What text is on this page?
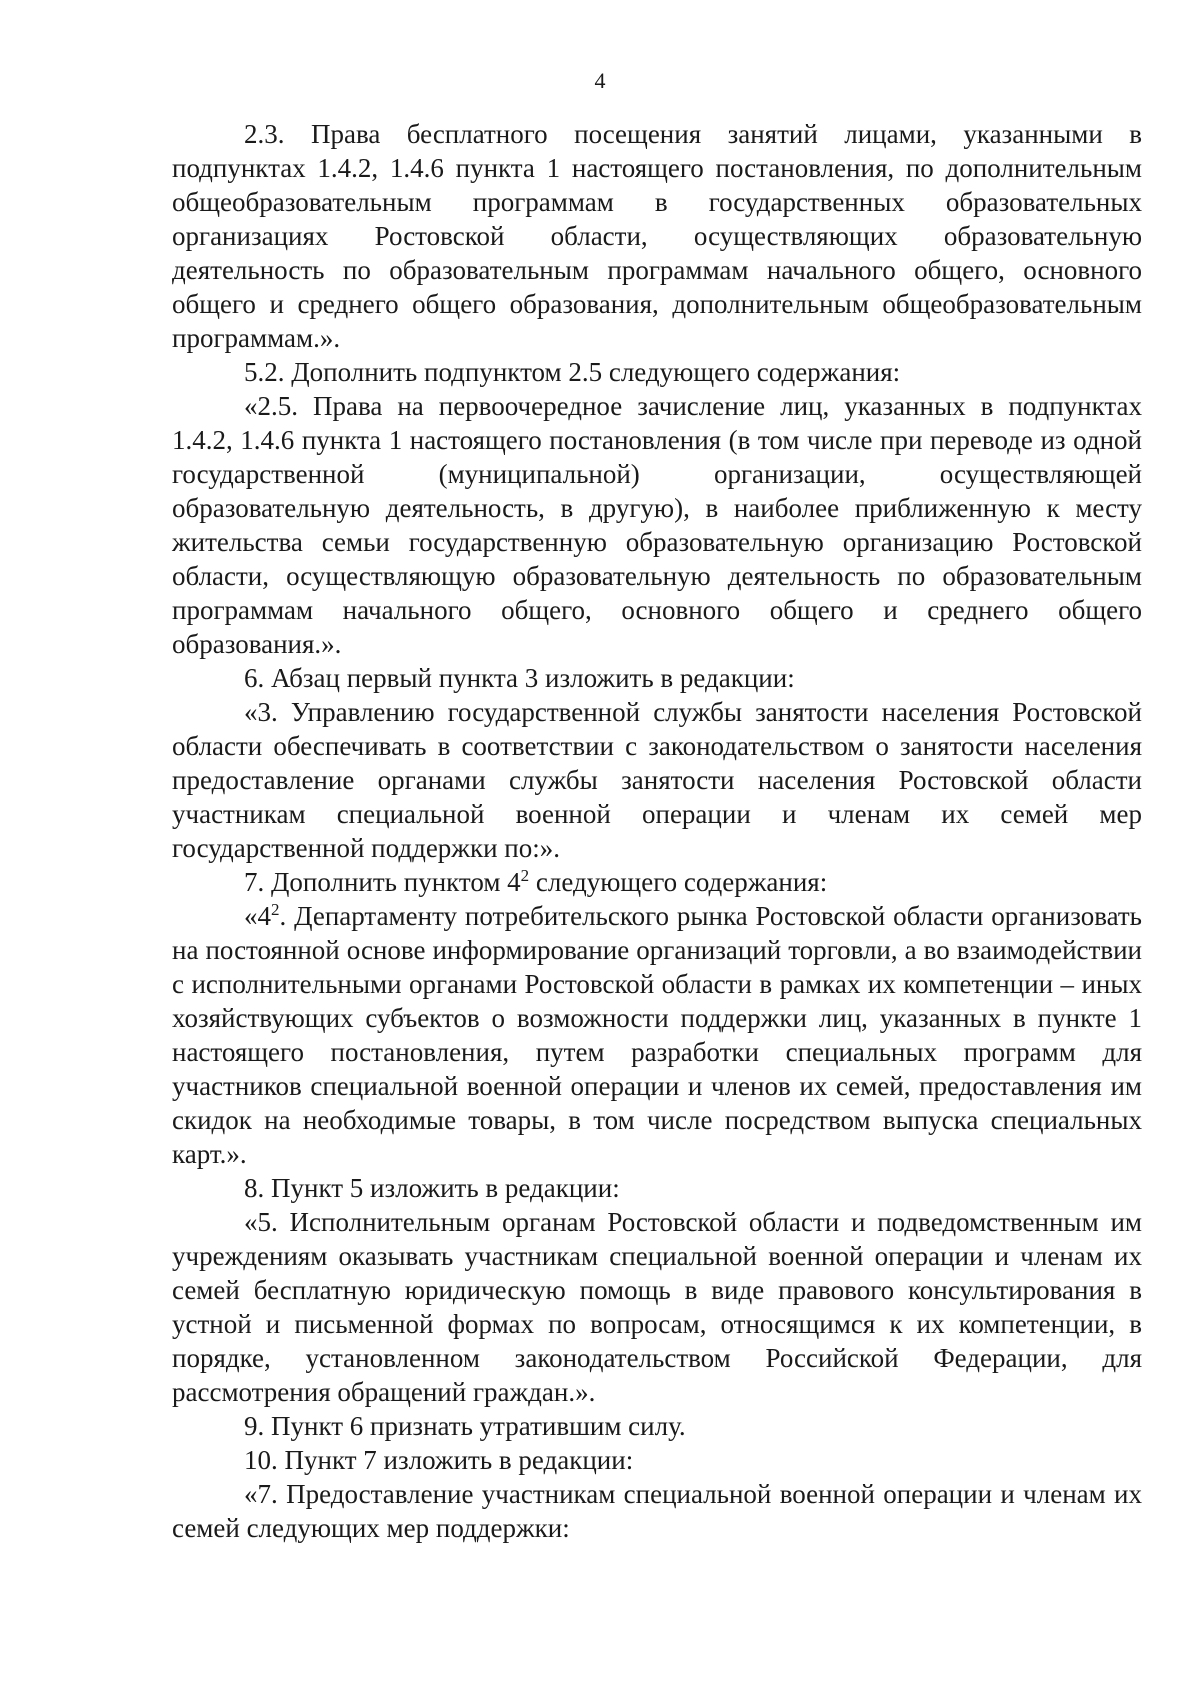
4

2.3. Права бесплатного посещения занятий лицами, указанными в подпунктах 1.4.2, 1.4.6 пункта 1 настоящего постановления, по дополнительным общеобразовательным программам в государственных образовательных организациях Ростовской области, осуществляющих образовательную деятельность по образовательным программам начального общего, основного общего и среднего общего образования, дополнительным общеобразовательным программам.».

5.2. Дополнить подпунктом 2.5 следующего содержания:

«2.5. Права на первоочередное зачисление лиц, указанных в подпунктах 1.4.2, 1.4.6 пункта 1 настоящего постановления (в том числе при переводе из одной государственной (муниципальной) организации, осуществляющей образовательную деятельность, в другую), в наиболее приближенную к месту жительства семьи государственную образовательную организацию Ростовской области, осуществляющую образовательную деятельность по образовательным программам начального общего, основного общего и среднего общего образования.».

6. Абзац первый пункта 3 изложить в редакции:

«3. Управлению государственной службы занятости населения Ростовской области обеспечивать в соответствии с законодательством о занятости населения предоставление органами службы занятости населения Ростовской области участникам специальной военной операции и членам их семей мер государственной поддержки по:».

7. Дополнить пунктом $4^2$ следующего содержания:

«$4^2$. Департаменту потребительского рынка Ростовской области организовать на постоянной основе информирование организаций торговли, а во взаимодействии с исполнительными органами Ростовской области в рамках их компетенции – иных хозяйствующих субъектов о возможности поддержки лиц, указанных в пункте 1 настоящего постановления, путем разработки специальных программ для участников специальной военной операции и членов их семей, предоставления им скидок на необходимые товары, в том числе посредством выпуска специальных карт.».

8. Пункт 5 изложить в редакции:

«5. Исполнительным органам Ростовской области и подведомственным им учреждениям оказывать участникам специальной военной операции и членам их семей бесплатную юридическую помощь в виде правового консультирования в устной и письменной формах по вопросам, относящимся к их компетенции, в порядке, установленном законодательством Российской Федерации, для рассмотрения обращений граждан.».

9. Пункт 6 признать утратившим силу.

10. Пункт 7 изложить в редакции:

«7. Предоставление участникам специальной военной операции и членам их семей следующих мер поддержки:
